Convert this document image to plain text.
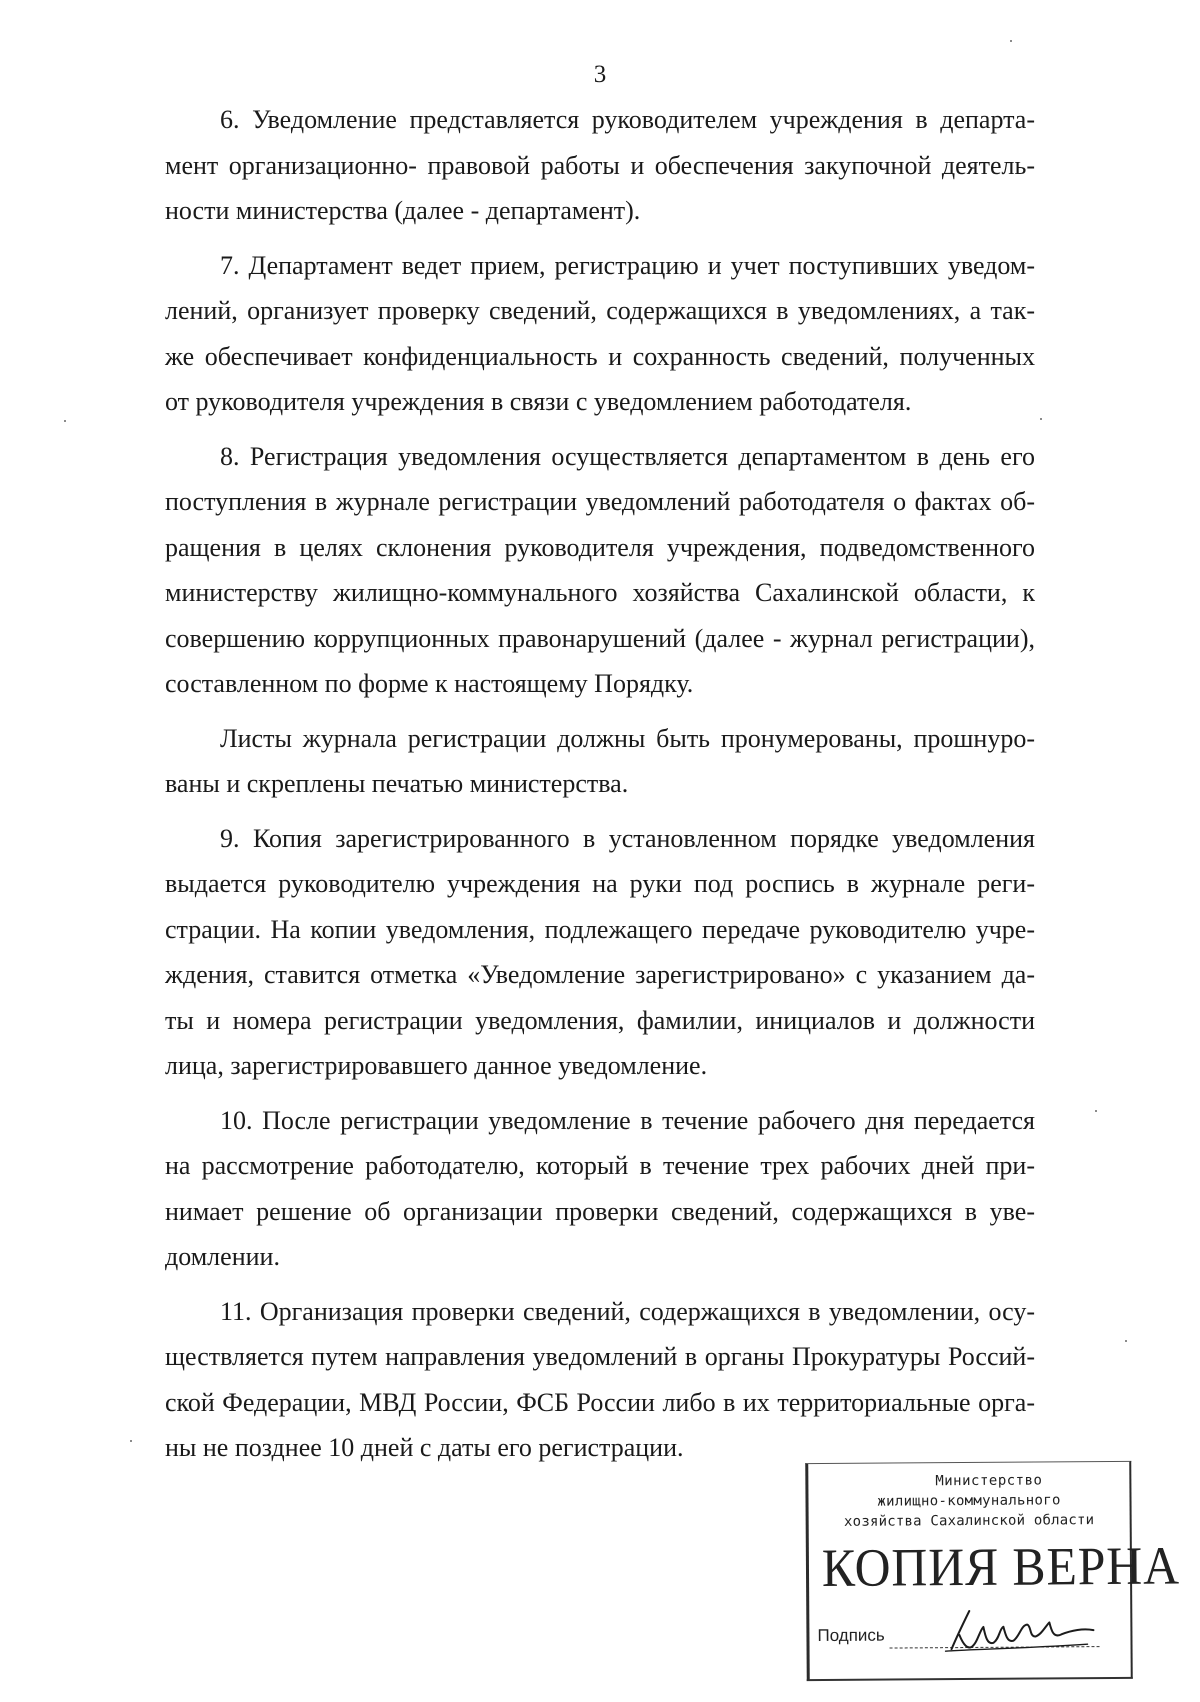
3

6. Уведомление представляется руководителем учреждения в департа-мент организационно- правовой работы и обеспечения закупочной деятель-ности министерства (далее - департамент).

7. Департамент ведет прием, регистрацию и учет поступивших уведом-лений, организует проверку сведений, содержащихся в уведомлениях, а так-же обеспечивает конфиденциальность и сохранность сведений, полученных от руководителя учреждения в связи с уведомлением работодателя.

8. Регистрация уведомления осуществляется департаментом в день его поступления в журнале регистрации уведомлений работодателя о фактах об-ращения в целях склонения руководителя учреждения, подведомственного министерству жилищно-коммунального хозяйства Сахалинской области, к совершению коррупционных правонарушений (далее - журнал регистрации), составленном по форме к настоящему Порядку.

Листы журнала регистрации должны быть пронумерованы, прошнуро-ваны и скреплены печатью министерства.

9. Копия зарегистрированного в установленном порядке уведомления выдается руководителю учреждения на руки под роспись в журнале реги-страции. На копии уведомления, подлежащего передаче руководителю учре-ждения, ставится отметка «Уведомление зарегистрировано» с указанием да-ты и номера регистрации уведомления, фамилии, инициалов и должности лица, зарегистрировавшего данное уведомление.

10. После регистрации уведомление в течение рабочего дня передается на рассмотрение работодателю, который в течение трех рабочих дней при-нимает решение об организации проверки сведений, содержащихся в уве-домлении.

11. Организация проверки сведений, содержащихся в уведомлении, осу-ществляется путем направления уведомлений в органы Прокуратуры Россий-ской Федерации, МВД России, ФСБ России либо в их территориальные орга-ны не позднее 10 дней с даты его регистрации.

Министерство
жилищно-коммунального
хозяйства Сахалинской области
КОПИЯ ВЕРНА
Подпись
